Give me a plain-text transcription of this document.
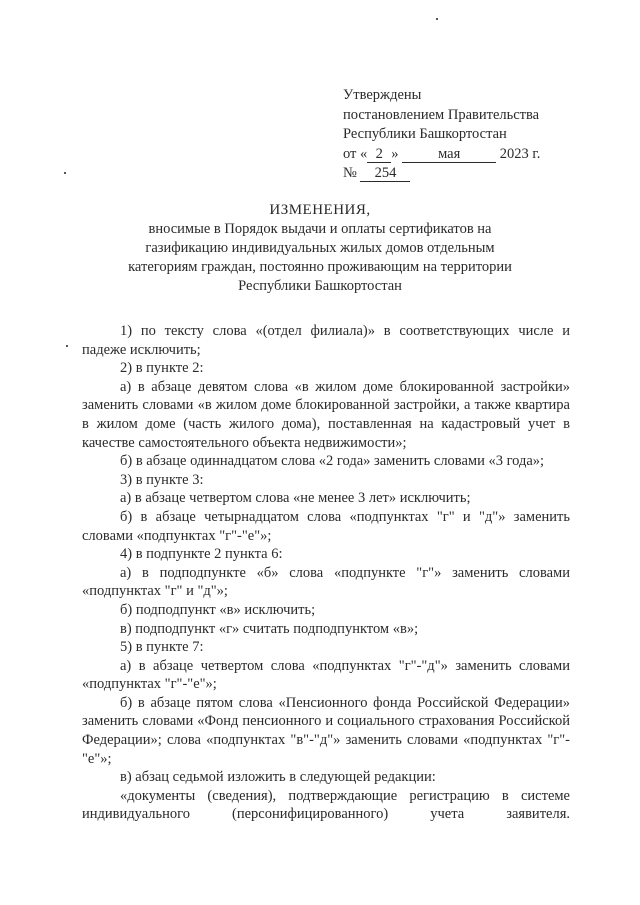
Утверждены
постановлением Правительства
Республики Башкортостан
от « 2 »	мая	2023 г.
№ 254
ИЗМЕНЕНИЯ,
вносимые в Порядок выдачи и оплаты сертификатов на
газификацию индивидуальных жилых домов отдельным
категориям граждан, постоянно проживающим на территории
Республики Башкортостан

1) по тексту слова «(отдел филиала)» в соответствующих числе и падеже исключить;

2) в пункте 2:

а) в абзаце девятом слова «в жилом доме блокированной застройки» заменить словами «в жилом доме блокированной застройки, а также квартира в жилом доме (часть жилого дома), поставленная на кадастровый учет в качестве самостоятельного объекта недвижимости»;

б) в абзаце одиннадцатом слова «2 года» заменить словами «3 года»;

3) в пункте 3:

а) в абзаце четвертом слова «не менее 3 лет» исключить;

б) в абзаце четырнадцатом слова «подпунктах "г" и "д"» заменить словами «подпунктах "г"-"е"»;

4) в подпункте 2 пункта 6:

а) в подподпункте «б» слова «подпункте "г"» заменить словами «подпунктах "г" и "д"»;

б) подподпункт «в» исключить;

в) подподпункт «г» считать подподпунктом «в»;

5) в пункте 7:

а) в абзаце четвертом слова «подпунктах "г"-"д"» заменить словами «подпунктах "г"-"е"»;

б) в абзаце пятом слова «Пенсионного фонда Российской Федерации» заменить словами «Фонд пенсионного и социального страхования Российской Федерации»; слова «подпунктах "в"-"д"» заменить словами «подпунктах "г"-"е"»;

в) абзац седьмой изложить в следующей редакции:

«документы (сведения), подтверждающие регистрацию в системе индивидуального (персонифицированного) учета заявителя.
